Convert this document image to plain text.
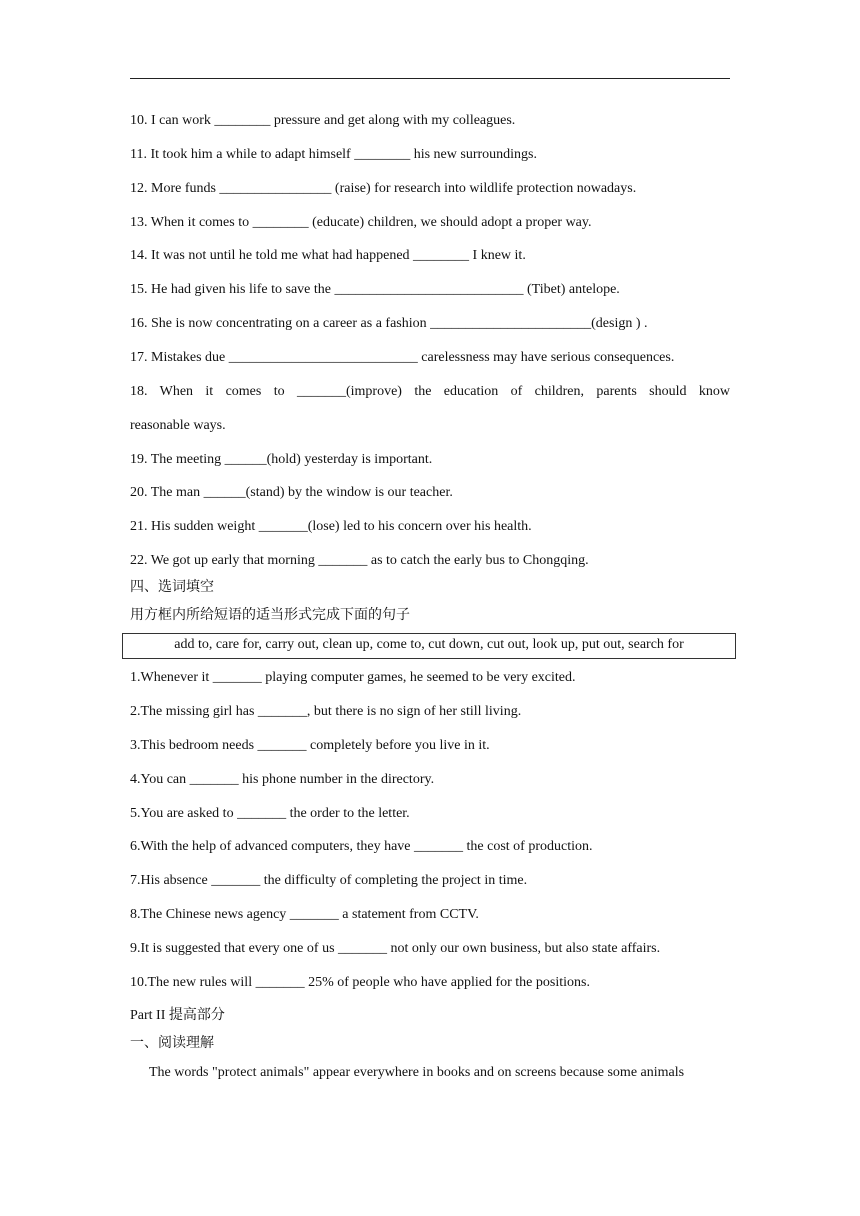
10. I can work ________ pressure and get along with my colleagues.
11. It took him a while to adapt himself ________ his new surroundings.
12. More funds ________________ (raise) for research into wildlife protection nowadays.
13. When it comes to ________ (educate) children, we should adopt a proper way.
14. It was not until he told me what had happened ________ I knew it.
15. He had given his life to save the ___________________________ (Tibet) antelope.
16. She is now concentrating on a career as a fashion _______________________(design ) .
17. Mistakes due ___________________________ carelessness may have serious consequences.
18. When it comes to _______(improve) the education of children, parents should know
reasonable ways.
19. The meeting ______(hold) yesterday is important.
20. The man ______(stand) by the window is our teacher.
21. His sudden weight _______(lose) led to his concern over his health.
22. We got up early that morning _______ as to catch the early bus to Chongqing.
四、选词填空
用方框内所给短语的适当形式完成下面的句子
add to, care for, carry out, clean up, come to, cut down, cut out, look up, put out, search for
1.Whenever it _______ playing computer games, he seemed to be very excited.
2.The missing girl has _______, but there is no sign of her still living.
3.This bedroom needs _______ completely before you live in it.
4.You can _______ his phone number in the directory.
5.You are asked to _______ the order to the letter.
6.With the help of advanced computers, they have _______ the cost of production.
7.His absence _______ the difficulty of completing the project in time.
8.The Chinese news agency _______ a statement from CCTV.
9.It is suggested that every one of us _______ not only our own business, but also state affairs.
10.The new rules will _______ 25% of people who have applied for the positions.
Part II 提高部分
一、阅读理解
The words "protect animals" appear everywhere in books and on screens because some animals
